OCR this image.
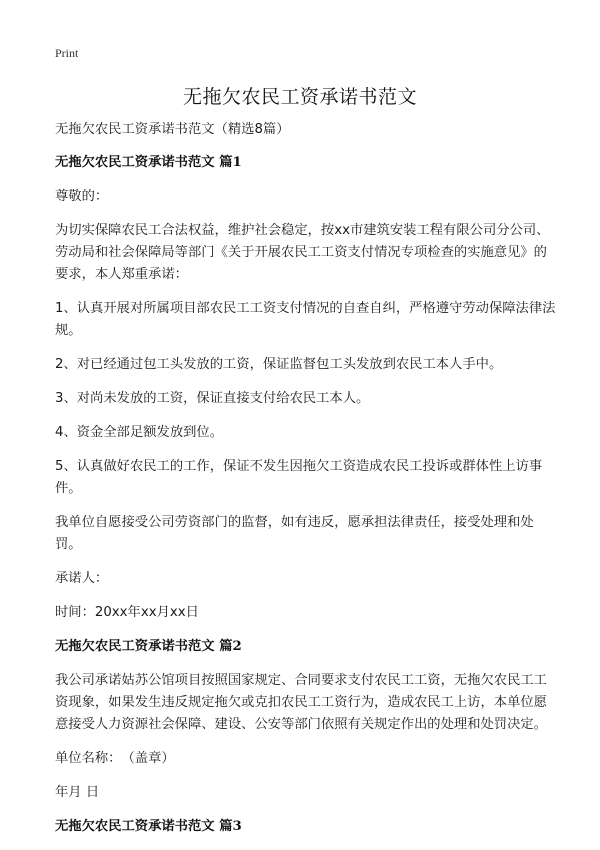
Print
无拖欠农民工资承诺书范文

无拖欠农民工资承诺书范文（精选8篇）

无拖欠农民工资承诺书范文 篇1

尊敬的：

为切实保障农民工合法权益，维护社会稳定，按xx市建筑安装工程有限公司分公司、劳动局和社会保障局等部门《关于开展农民工工资支付情况专项检查的实施意见》的要求，本人郑重承诺：

1、认真开展对所属项目部农民工工资支付情况的自查自纠，严格遵守劳动保障法律法规。

2、对已经通过包工头发放的工资，保证监督包工头发放到农民工本人手中。

3、对尚未发放的工资，保证直接支付给农民工本人。

4、资金全部足额发放到位。

5、认真做好农民工的工作，保证不发生因拖欠工资造成农民工投诉或群体性上访事件。

我单位自愿接受公司劳资部门的监督，如有违反，愿承担法律责任，接受处理和处罚。

承诺人：

时间：20xx年xx月xx日

无拖欠农民工资承诺书范文 篇2

我公司承诺姑苏公馆项目按照国家规定、合同要求支付农民工工资，无拖欠农民工工资现象，如果发生违反规定拖欠或克扣农民工工资行为，造成农民工上访，本单位愿意接受人力资源社会保障、建设、公安等部门依照有关规定作出的处理和处罚决定。

单位名称：　（盖章）

年月 日

无拖欠农民工资承诺书范文 篇3
